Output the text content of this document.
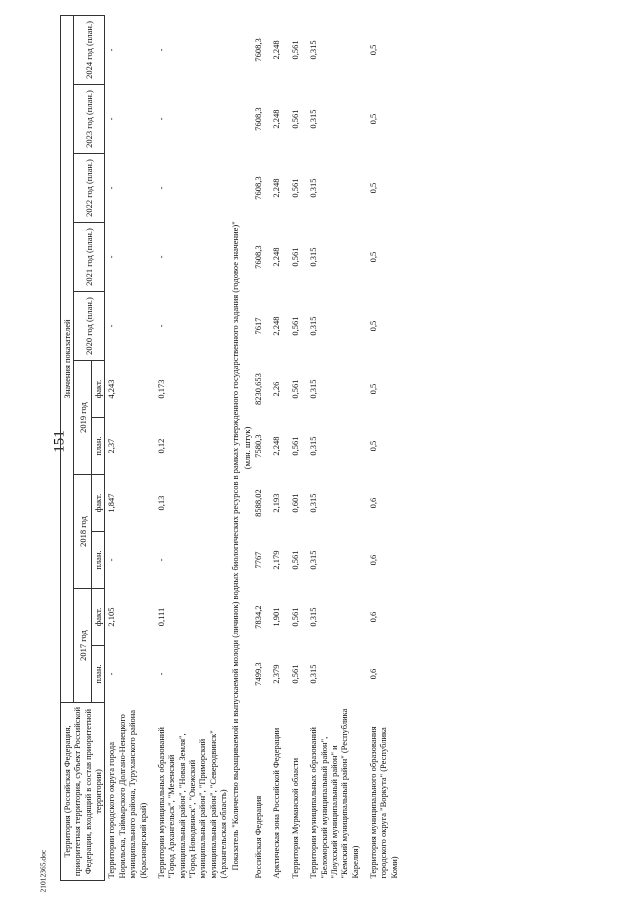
151
21012365.doc
Территория (Российская Федерация, приоритетная территория, субъект Российской Федерации, входящий в состав приоритетной территории)	Значения показателей										
	2017 год		2018 год		2019 год		2020 год (план.)	2021 год (план.)	2022 год (план.)	2023 год (план.)	2024 год (план.)
	план.	факт.	план.	факт.	план.	факт.					
Территории городского округа города Норильска, Таймырского Долгано-Ненецкого муниципального района, Туруханского района (Красноярский край)	-	2,105	-	1,847	2,37	4,243	-	-	-	-	-

Территории муниципальных образований "Город Архангельск", "Мезенский муниципальный район", "Новая Земля", "Город Новодвинск", "Онежский муниципальный район", "Приморский муниципальный район", "Северодвинск" (Архангельская область)	-	0,111	-	0,13	0,12	0,173	-	-	-	-	-
Показатель "Количество выращиваемой и выпускаемой молоди (личинок) водных биологических ресурсов в рамках утвержденного государственного задания (годовое значение)"											
(млн. штук)											
Российская Федерация	7499,3	7834,2	7767	8588,02	7580,3	8230,653	7617	7608,3	7608,3	7608,3	7608,3

Арктическая зона Российской Федерации	2,379	1,901	2,179	2,193	2,248	2,26	2,248	2,248	2,248	2,248	2,248

Территория Мурманской области	0,561	0,561	0,561	0,601	0,561	0,561	0,561	0,561	0,561	0,561	0,561

Территории муниципальных образований "Беломорский муниципальный район", "Лоухский муниципальный район" и "Кемский муниципальный район" (Республика Карелия)	0,315	0,315	0,315	0,315	0,315	0,315	0,315	0,315	0,315	0,315	0,315

Территория муниципального образования городского округа "Воркута" (Республика Коми)	0,6	0,6	0,6	0,6	0,5	0,5	0,5	0,5	0,5	0,5	0,5
